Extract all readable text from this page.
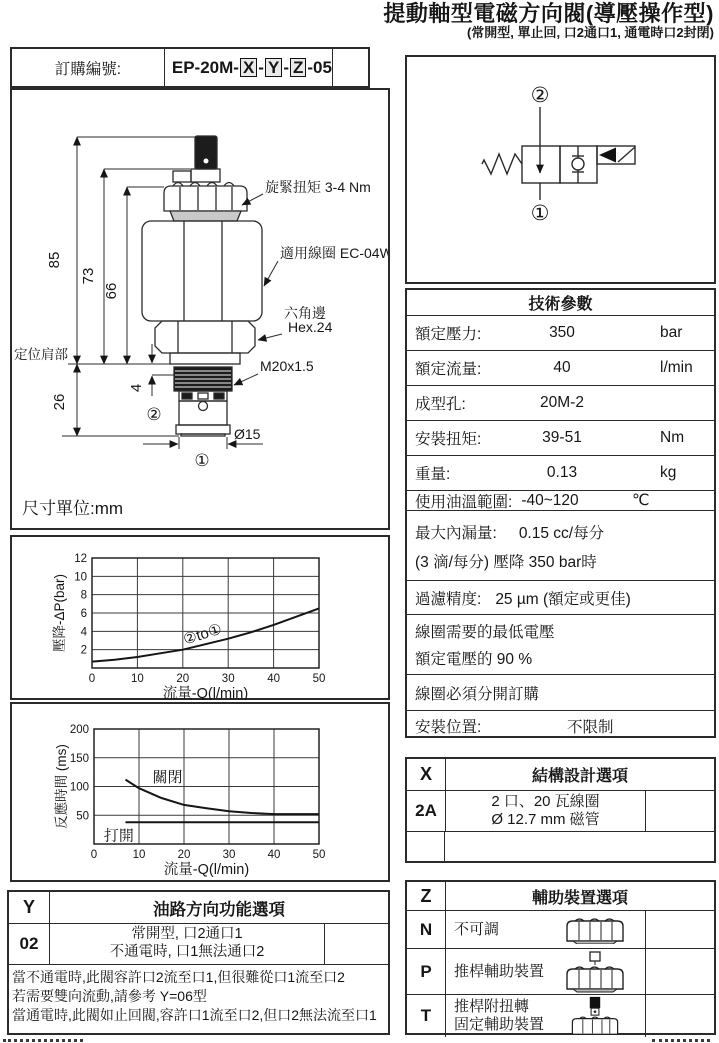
提動軸型電磁方向閥(導壓操作型)
(常開型, 單止回, 口2通口1, 通電時口2封閉)
訂購編號:	EP-20M- X - Y - Z -05
85
73
66
26
4
旋緊扭矩 3-4 Nm
適用線圈 EC-04W
六角邊
Hex.24
M20x1.5
Ø15
定位肩部
②
①
尺寸單位:mm
②
①
技術參數
額定壓力:	350	bar
額定流量:	40	l/min
成型孔:	20M-2
安裝扭矩:	39-51	Nm
重量:	0.13	kg
使用油溫範圍: -40~120	℃
最大內漏量: 0.15 cc/每分
(3 滴/每分) 壓降 350 bar時
過濾精度: 25 µm (額定或更佳)
線圈需要的最低電壓
額定電壓的 90 %
線圈必須分開訂購
安裝位置:	不限制
0	10	20	30	40	50
2
4
6
8
10
12
流量-Q(l/min)
壓降-ΔP(bar)	②to①
0	10	20	30	40	50
50
100
150
200
流量-Q(l/min)
反應時間 (ms)	關閉
打開
X	結構設計選項
2A	2 口、20 瓦線圈
Ø 12.7 mm 磁管
Y	油路方向功能選項
02	常開型, 口2通口1
不通電時, 口1無法通口2
當不通電時,此閥容許口2流至口1,但很難從口1流至口2
若需要雙向流動,請參考 Y=06型
當通電時,此閥如止回閥,容許口1流至口2,但口2無法流至口1
Z	輔助裝置選項
N	不可調
P	推桿輔助裝置
T	推桿附扭轉
固定輔助裝置
